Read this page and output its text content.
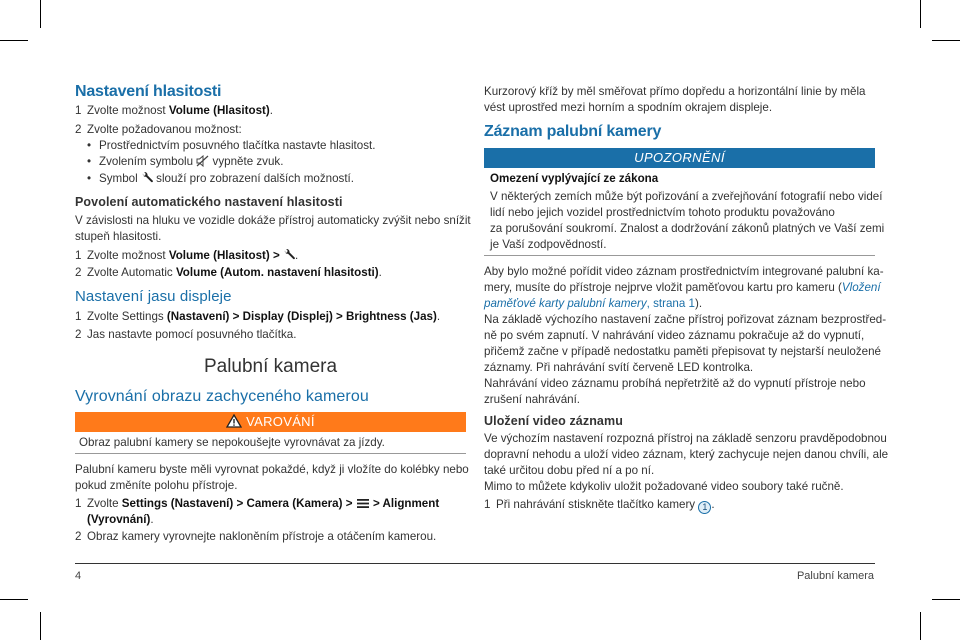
Nastavení hlasitosti
1 Zvolte možnost Volume (Hlasitost).
2 Zvolte požadovanou možnost:
• Prostřednictvím posuvného tlačítka nastavte hlasitost.
• Zvolením symbolu vypněte zvuk.
• Symbol slouží pro zobrazení dalších možností.
Povolení automatického nastavení hlasitosti
V závislosti na hluku ve vozidle dokáže přístroj automaticky zvýšit nebo snížit
stupeň hlasitosti.
1 Zvolte možnost Volume (Hlasitost) > .
2 Zvolte Automatic Volume (Autom. nastavení hlasitosti).
Nastavení jasu displeje
1 Zvolte Settings (Nastavení) > Display (Displej) > Brightness (Jas).
2 Jas nastavte pomocí posuvného tlačítka.
Palubní kamera
Vyrovnání obrazu zachyceného kamerou
VAROVÁNÍ
Obraz palubní kamery se nepokoušejte vyrovnávat za jízdy.
Palubní kameru byste měli vyrovnat pokaždé, když ji vložíte do kolébky nebo
pokud změníte polohu přístroje.
1 Zvolte Settings (Nastavení) > Camera (Kamera) > > Alignment
(Vyrovnání).
2 Obraz kamery vyrovnejte nakloněním přístroje a otáčením kamerou.
Kurzorový kříž by měl směřovat přímo dopředu a horizontální linie by měla
vést uprostřed mezi horním a spodním okrajem displeje.
Záznam palubní kamery
UPOZORNĚNÍ
Omezení vyplývající ze zákona
V některých zemích může být pořizování a zveřejňování fotografií nebo videí
lidí nebo jejich vozidel prostřednictvím tohoto produktu považováno
za porušování soukromí. Znalost a dodržování zákonů platných ve Vaší zemi
je Vaší zodpovědností.
Aby bylo možné pořídit video záznam prostřednictvím integrované palubní ka-
mery, musíte do přístroje nejprve vložit paměťovou kartu pro kameru (Vložení
paměťové karty palubní kamery, strana 1).
Na základě výchozího nastavení začne přístroj pořizovat záznam bezprostřed-
ně po svém zapnutí. V nahrávání video záznamu pokračuje až do vypnutí,
přičemž začne v případě nedostatku paměti přepisovat ty nejstarší neuložené
záznamy. Při nahrávání svítí červeně LED kontrolka.
Nahrávání video záznamu probíhá nepřetržitě až do vypnutí přístroje nebo
zrušení nahrávání.
Uložení video záznamu
Ve výchozím nastavení rozpozná přístroj na základě senzoru pravděpodobnou
dopravní nehodu a uloží video záznam, který zachycuje nejen danou chvíli, ale
také určitou dobu před ní a po ní.
Mimo to můžete kdykoliv uložit požadované video soubory také ručně.
1 Při nahrávání stiskněte tlačítko kamery 1 .
4	Palubní kamera
